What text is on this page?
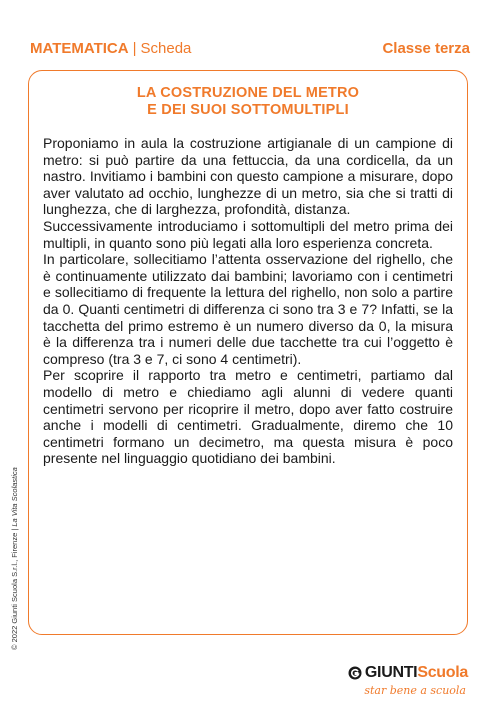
MATEMATICA | Scheda	Classe terza
LA COSTRUZIONE DEL METRO
E DEI SUOI SOTTOMULTIPLI

Proponiamo in aula la costruzione artigianale di un campione di metro: si può partire da una fettuccia, da una cordicella, da un nastro. Invitiamo i bambini con questo campione a misurare, dopo aver valutato ad occhio, lunghezze di un metro, sia che si tratti di lunghezza, che di larghezza, profondità, distanza.

Successivamente introduciamo i sottomultipli del metro prima dei multipli, in quanto sono più legati alla loro esperienza concreta.

In particolare, sollecitiamo l’attenta osservazione del righello, che è continuamente utilizzato dai bambini; lavoriamo con i centimetri e sollecitiamo di frequente la lettura del righello, non solo a partire da 0. Quanti centimetri di differenza ci sono tra 3 e 7? Infatti, se la tacchetta del primo estremo è un numero diverso da 0, la misura è la differenza tra i numeri delle due tacchette tra cui l’oggetto è compreso (tra 3 e 7, ci sono 4 centimetri).

Per scoprire il rapporto tra metro e centimetri, partiamo dal modello di metro e chiediamo agli alunni di vedere quanti centimetri servono per ricoprire il metro, dopo aver fatto costruire anche i modelli di centimetri. Gradualmente, diremo che 10 centimetri formano un decimetro, ma questa misura è poco presente nel linguaggio quotidiano dei bambini.

© 2022 Giunti Scuola S.r.l., Firenze | La Vita Scolastica
GIUNTI Scuola
star bene a scuola
